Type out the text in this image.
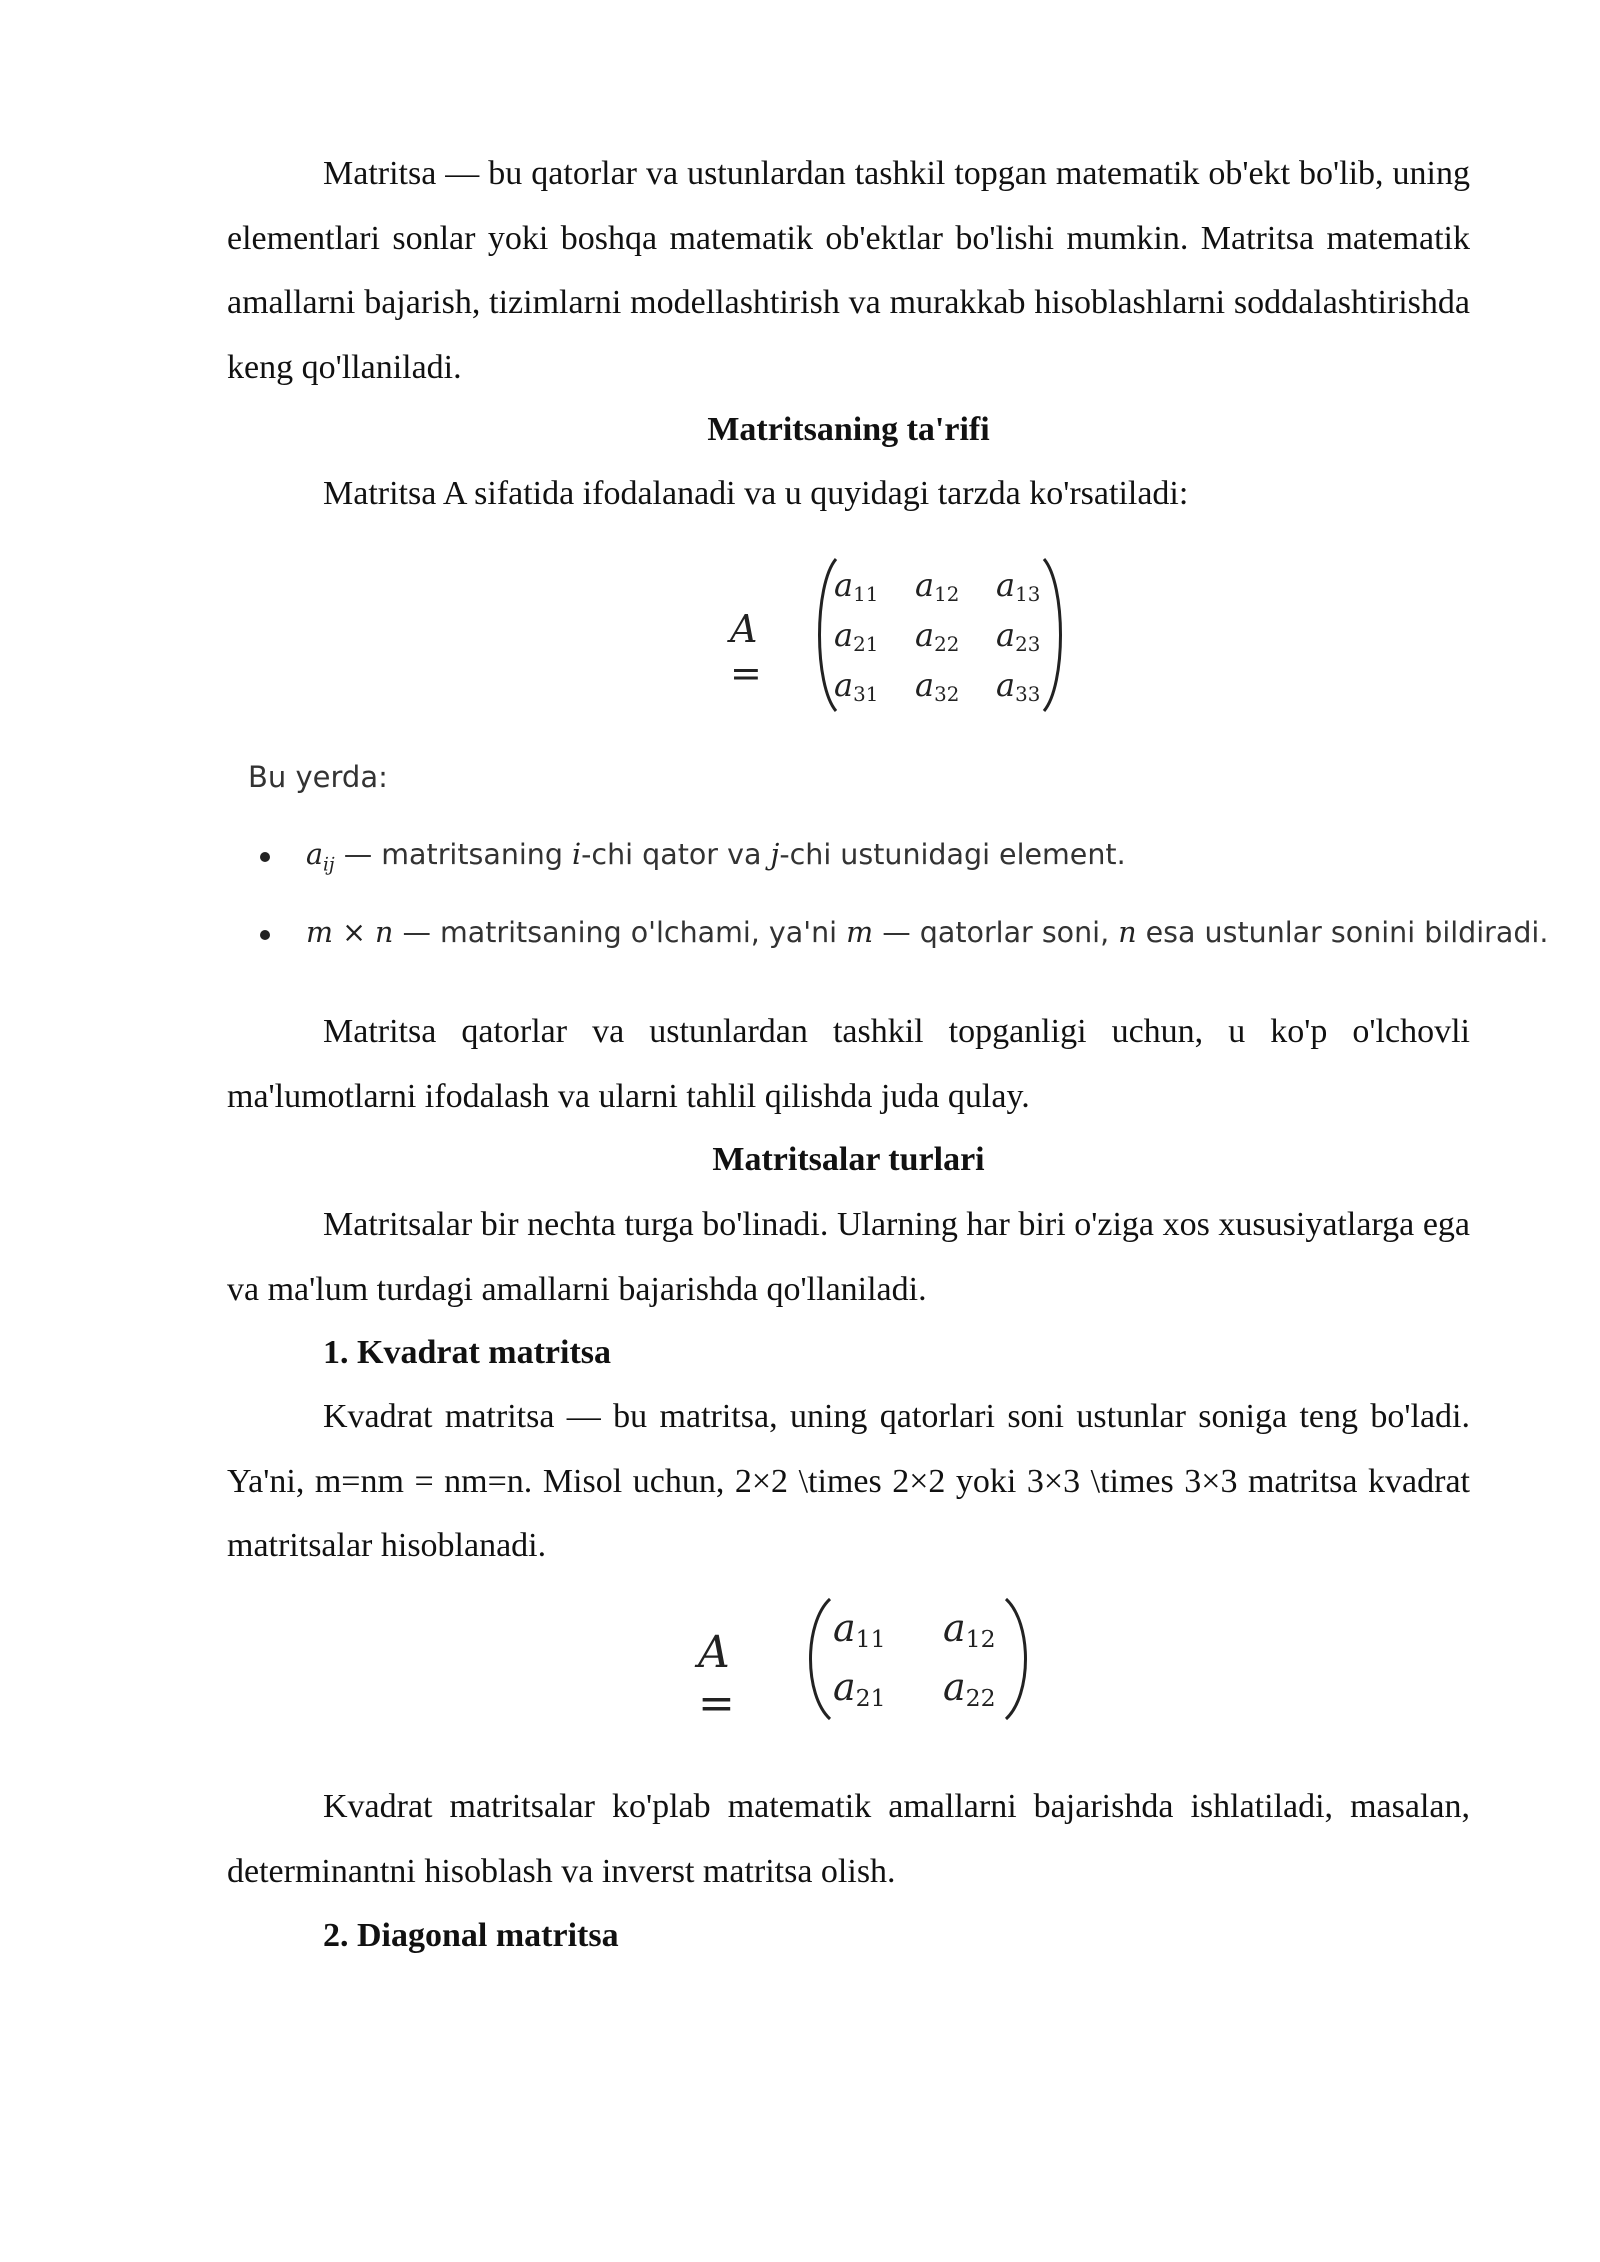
Matritsa — bu qatorlar va ustunlardan tashkil topgan matematik ob'ekt bo'lib, uning elementlari sonlar yoki boshqa matematik ob'ektlar bo'lishi mumkin. Matritsa matematik amallarni bajarish, tizimlarni modellashtirish va murakkab hisoblashlarni soddalashtirishda keng qo'llaniladi.

Matritsaning ta'rifi

Matritsa A sifatida ifodalanadi va u quyidagi tarzda ko'rsatiladi:

A =
$a_{11}$ $a_{12}$ $a_{13}$
$a_{21}$ $a_{22}$ $a_{23}$
$a_{31}$ $a_{32}$ $a_{33}$
Bu yerda:
$a_{ij}$ — matritsaning i-chi qator va j-chi ustunidagi element.
m × n — matritsaning o'lchami, ya'ni m — qatorlar soni, n esa ustunlar sonini bildiradi.

Matritsa qatorlar va ustunlardan tashkil topganligi uchun, u ko'p o'lchovli ma'lumotlarni ifodalash va ularni tahlil qilishda juda qulay.

Matritsalar turlari

Matritsalar bir nechta turga bo'linadi. Ularning har biri o'ziga xos xususiyatlarga ega va ma'lum turdagi amallarni bajarishda qo'llaniladi.

1. Kvadrat matritsa

Kvadrat matritsa — bu matritsa, uning qatorlari soni ustunlar soniga teng bo'ladi. Ya'ni, m=nm = nm=n. Misol uchun, 2×2 \times 2×2 yoki 3×3 \times 3×3 matritsa kvadrat matritsalar hisoblanadi.

A =
$a_{11}$ $a_{12}$
$a_{21}$ $a_{22}$

Kvadrat matritsalar ko'plab matematik amallarni bajarishda ishlatiladi, masalan, determinantni hisoblash va inverst matritsa olish.

2. Diagonal matritsa
